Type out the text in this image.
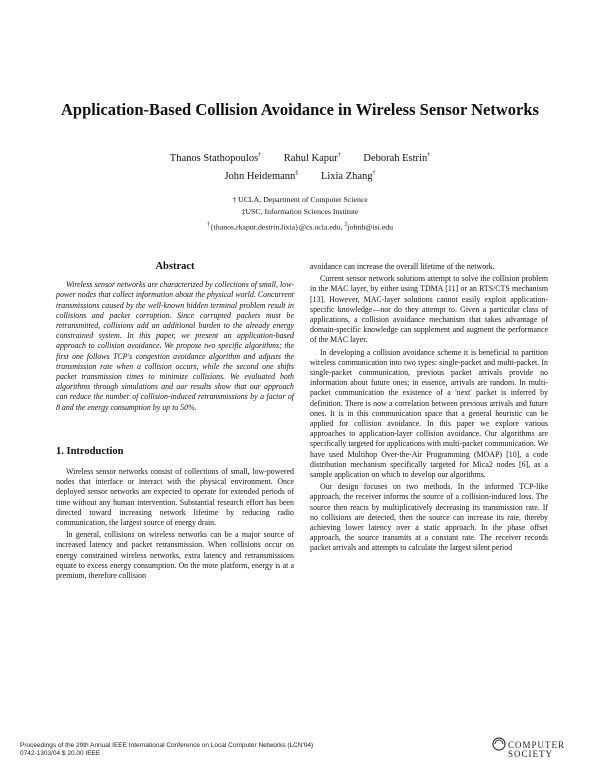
Application-Based Collision Avoidance in Wireless Sensor Networks
Thanos Stathopoulos† Rahul Kapur† Deborah Estrin†
John Heidemann‡ Lixia Zhang†
† UCLA, Department of Computer Science
‡USC, Information Sciences Institute
†{thanos,rkapur,destrin,lixia}@cs.ucla.edu, ‡johnh@isi.edu
Abstract

Wireless sensor networks are characterized by collections of small, low-power nodes that collect information about the physical world. Concurrent transmissions caused by the well-known hidden terminal problem result in collisions and packet corruption. Since corrupted packets must be retransmitted, collisions add an additional burden to the already energy constrained system. In this paper, we present an application-based approach to collision avoidance. We propose two specific algorithms; the first one follows TCP's congestion avoidance algorithm and adjusts the transmission rate when a collision occurs, while the second one shifts packet transmission times to minimize collisions. We evaluated both algorithms through simulations and our results show that our approach can reduce the number of collision-induced retransmissions by a factor of 8 and the energy consumption by up to 50%.

1. Introduction

Wireless sensor networks consist of collections of small, low-powered nodes that interface or interact with the physical environment. Once deployed sensor networks are expected to operate for extended periods of time without any human intervention. Substantial research effort has been directed toward increasing network lifetime by reducing radio communication, the largest source of energy drain.

In general, collisions on wireless networks can be a major source of increased latency and packet retransmission. When collisions occur on energy constrained wireless networks, extra latency and retransmissions equate to excess energy consumption. On the mote platform, energy is at a premium, therefore collision

avoidance can increase the overall lifetime of the network.

Current sensor network solutions attempt to solve the collision problem in the MAC layer, by either using TDMA [11] or an RTS/CTS mechanism [13]. However, MAC-layer solutions cannot easily exploit application-specific knowledge—nor do they attempt to. Given a particular class of applications, a collision avoidance mechanism that takes advantage of domain-specific knowledge can supplement and augment the performance of the MAC layer.

In developing a collision avoidance scheme it is beneficial to partition wireless communication into two types: single-packet and multi-packet. In single-packet communication, previous packet arrivals provide no information about future ones; in essence, arrivals are random. In multi-packet communication the existence of a 'next' packet is inferred by definition. There is now a correlation between previous arrivals and future ones. It is in this communication space that a general heuristic can be applied for collision avoidance. In this paper we explore various approaches to application-layer collision avoidance. Our algorithms are specifically targeted for applications with multi-packet communication. We have used Multihop Over-the-Air Programming (MOAP) [10], a code distribution mechanism specifically targeted for Mica2 nodes [6], as a sample application on which to develop our algorithms.

Our design focuses on two methods. In the informed TCP-like approach, the receiver informs the source of a collision-induced loss. The source then reacts by multiplicatively decreasing its transmission rate. If no collisions are detected, then the source can increase its rate, thereby achieving lower latency over a static approach. In the phase offset approach, the source transmits at a constant rate. The receiver records packet arrivals and attempts to calculate the largest silent period

Proceedings of the 29th Annual IEEE International Conference on Local Computer Networks (LCN'04)
0742-1303/04 $ 20.00 IEEE
COMPUTER
SOCIETY
